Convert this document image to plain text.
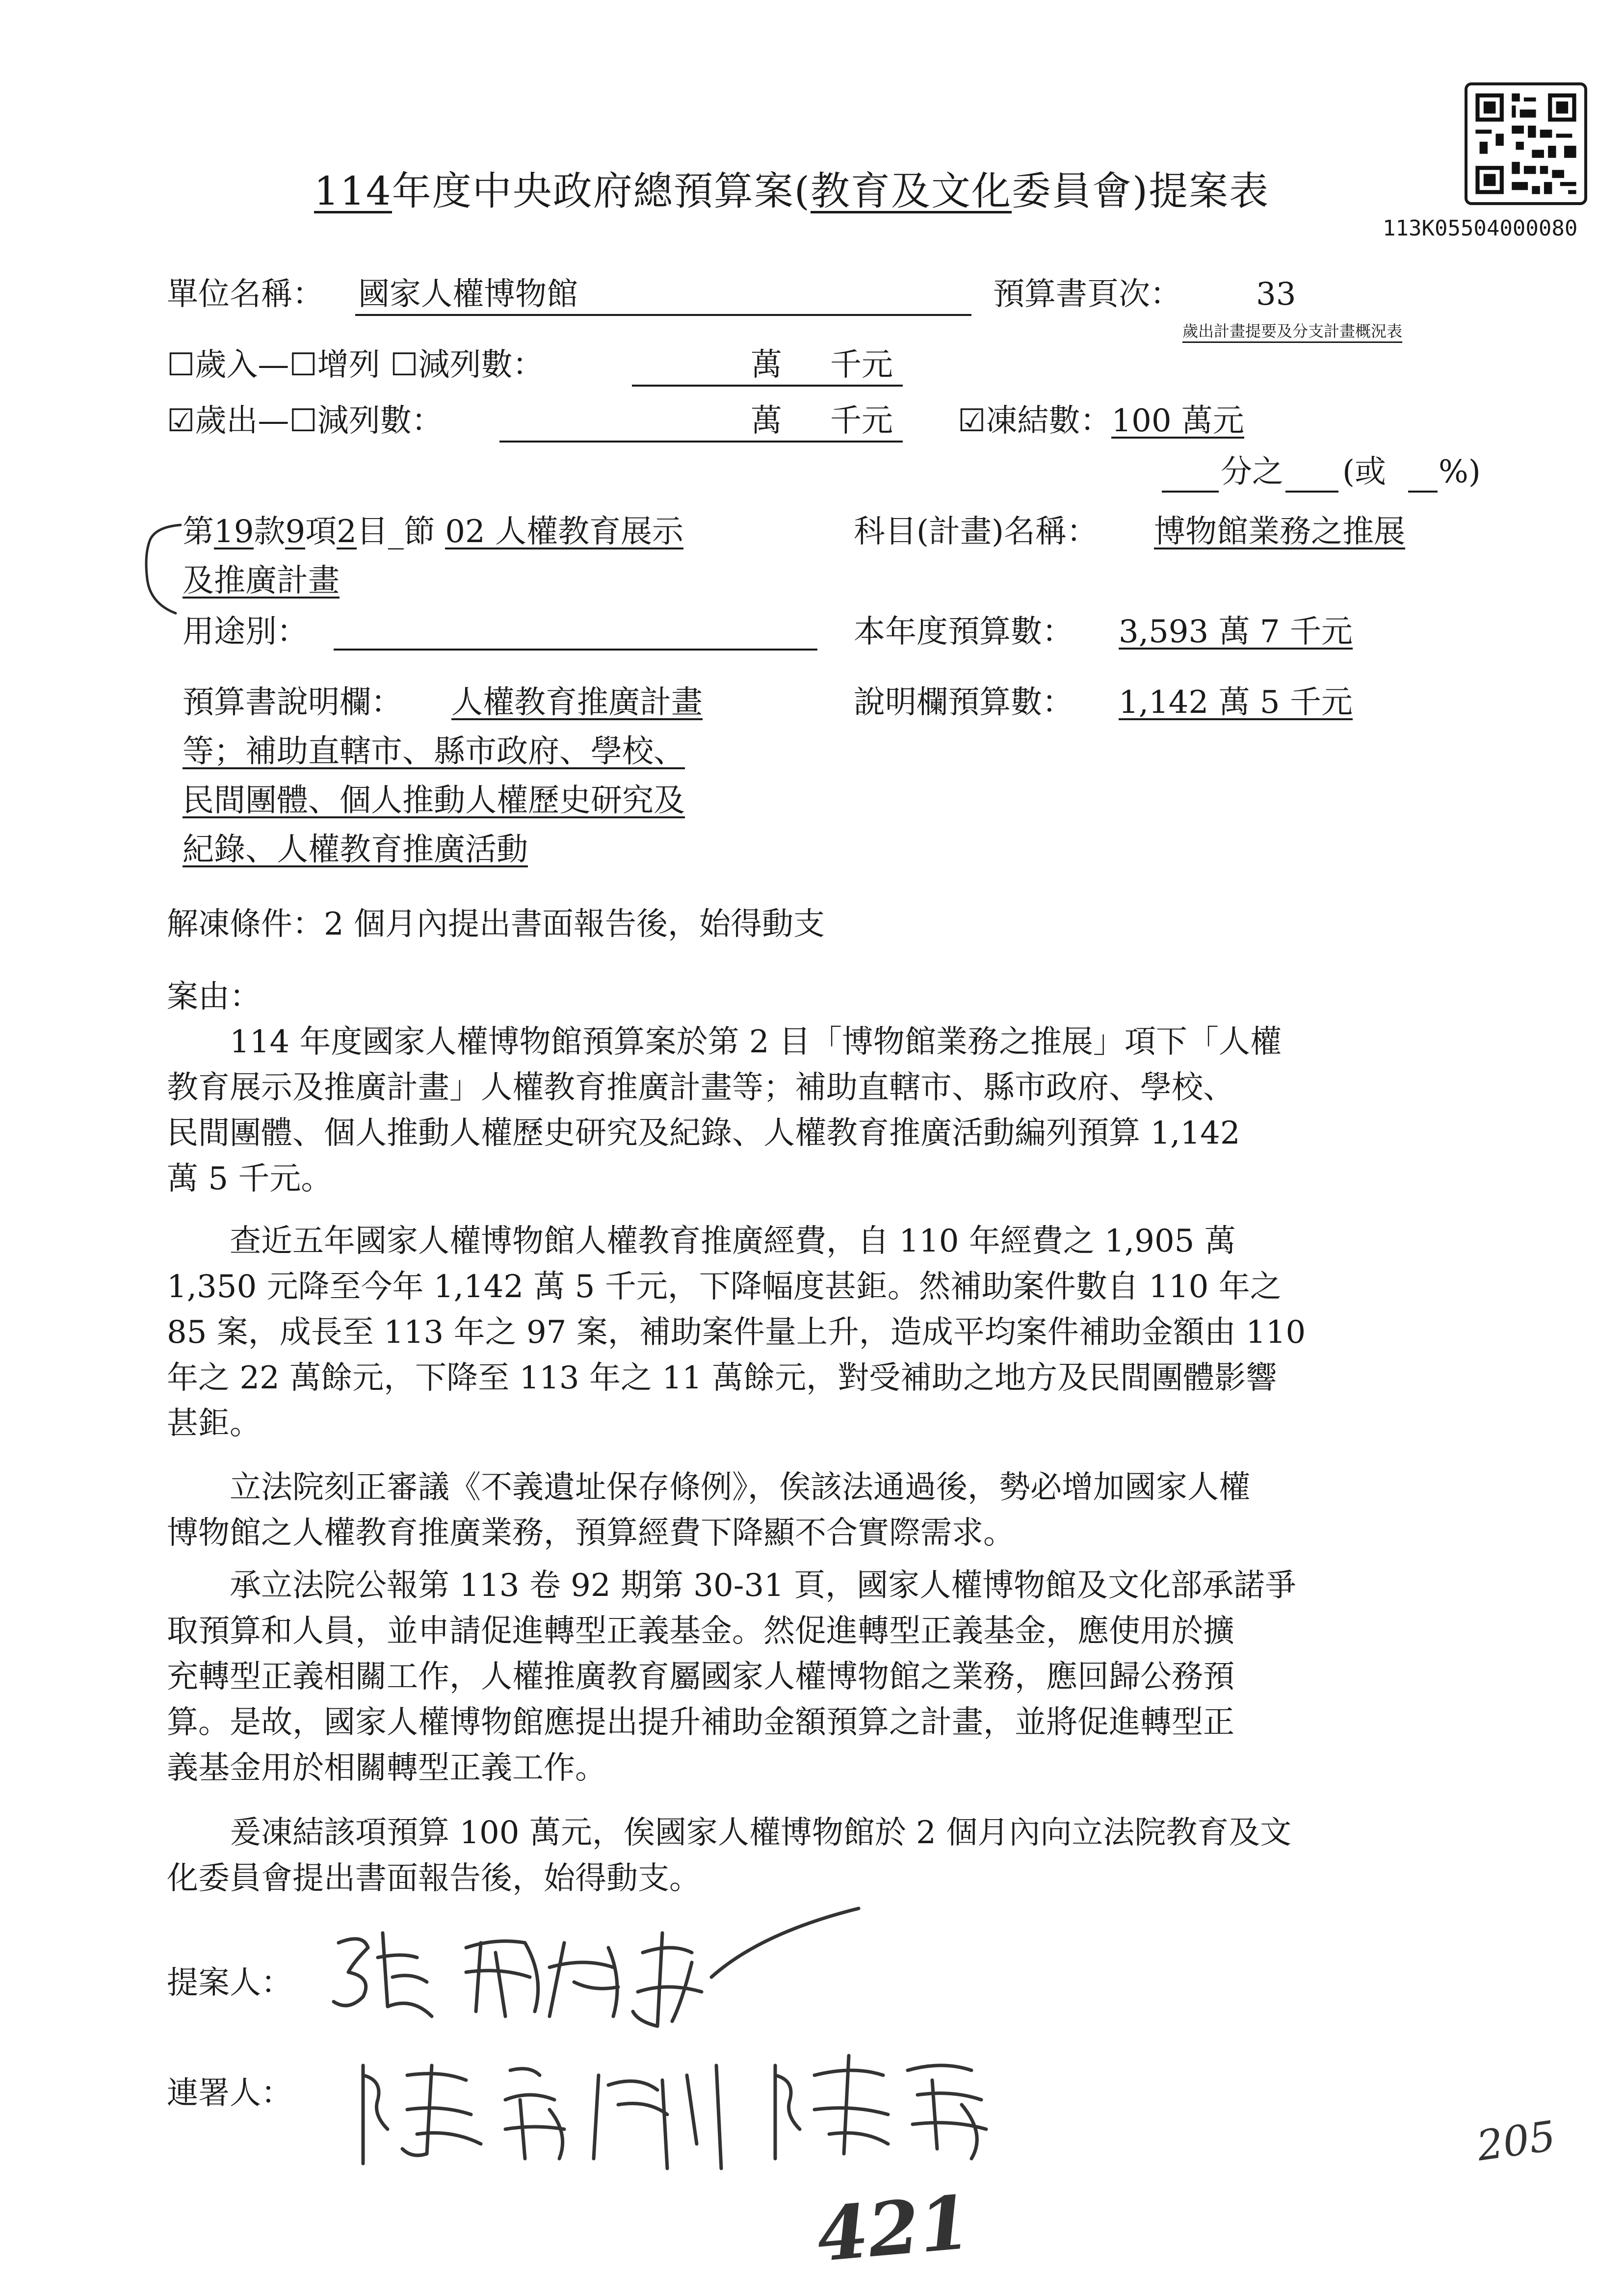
114年度中央政府總預算案(教育及文化委員會)提案表
113K05504000080
單位名稱： 國家人權博物館	預算書頁次： 33
歲出計畫提要及分支計畫概況表
☐歲入—☐增列 ☐減列數：	萬 千元
☑歲出—☐減列數：	萬 千元 ☑凍結數：100 萬元
分之 (或 %)
第19款9項2目_節 02 人權教育展示
及推廣計畫
科目(計畫)名稱： 博物館業務之推展
用途別：	本年度預算數： 3,593 萬 7 千元
預算書說明欄： 人權教育推廣計畫
等；補助直轄市、縣市政府、學校、
民間團體、個人推動人權歷史研究及
紀錄、人權教育推廣活動
說明欄預算數： 1,142 萬 5 千元
解凍條件：2 個月內提出書面報告後，始得動支
案由：

114 年度國家人權博物館預算案於第 2 目「博物館業務之推展」項下「人權
教育展示及推廣計畫」人權教育推廣計畫等；補助直轄市、縣市政府、學校、
民間團體、個人推動人權歷史研究及紀錄、人權教育推廣活動編列預算 1,142
萬 5 千元。

查近五年國家人權博物館人權教育推廣經費，自 110 年經費之 1,905 萬
1,350 元降至今年 1,142 萬 5 千元，下降幅度甚鉅。然補助案件數自 110 年之
85 案，成長至 113 年之 97 案，補助案件量上升，造成平均案件補助金額由 110
年之 22 萬餘元，下降至 113 年之 11 萬餘元，對受補助之地方及民間團體影響
甚鉅。

立法院刻正審議《不義遺址保存條例》，俟該法通過後，勢必增加國家人權
博物館之人權教育推廣業務，預算經費下降顯不合實際需求。

承立法院公報第 113 卷 92 期第 30-31 頁，國家人權博物館及文化部承諾爭
取預算和人員，並申請促進轉型正義基金。然促進轉型正義基金，應使用於擴
充轉型正義相關工作，人權推廣教育屬國家人權博物館之業務，應回歸公務預
算。是故，國家人權博物館應提出提升補助金額預算之計畫，並將促進轉型正
義基金用於相關轉型正義工作。

爰凍結該項預算 100 萬元，俟國家人權博物館於 2 個月內向立法院教育及文
化委員會提出書面報告後，始得動支。

提案人：
連署人：
205
421
